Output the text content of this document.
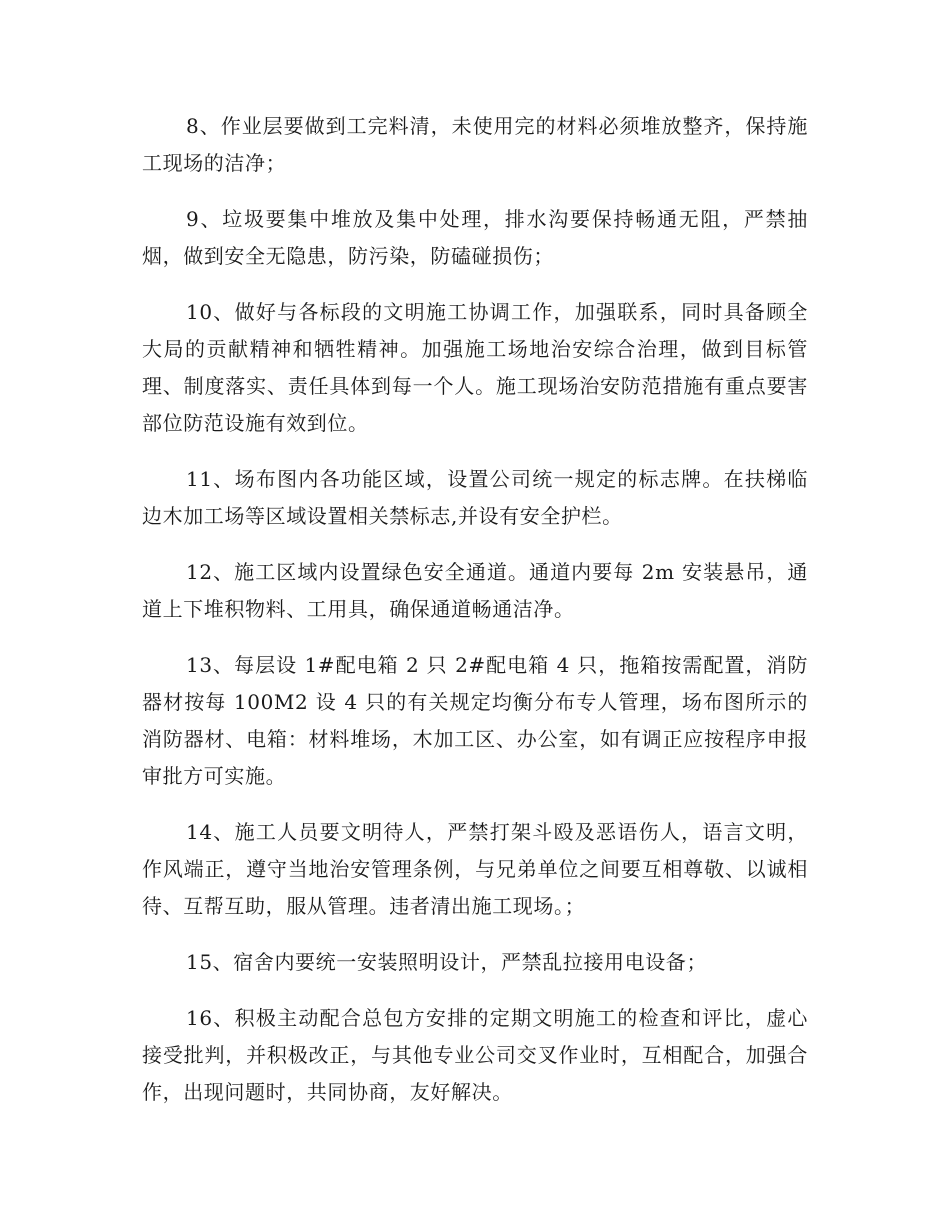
8、作业层要做到工完料清，未使用完的材料必须堆放整齐，保持施工现场的洁净；

9、垃圾要集中堆放及集中处理，排水沟要保持畅通无阻，严禁抽烟，做到安全无隐患，防污染，防磕碰损伤；

10、做好与各标段的文明施工协调工作，加强联系，同时具备顾全大局的贡献精神和牺牲精神。加强施工场地治安综合治理，做到目标管理、制度落实、责任具体到每一个人。施工现场治安防范措施有重点要害部位防范设施有效到位。

11、场布图内各功能区域，设置公司统一规定的标志牌。在扶梯临边木加工场等区域设置相关禁标志,并设有安全护栏。

12、施工区域内设置绿色安全通道。通道内要每 2m 安装悬吊，通道上下堆积物料、工用具，确保通道畅通洁净。

13、每层设 1#配电箱 2 只 2#配电箱 4 只，拖箱按需配置，消防器材按每 100M2 设 4 只的有关规定均衡分布专人管理，场布图所示的消防器材、电箱：材料堆场，木加工区、办公室，如有调正应按程序申报审批方可实施。

14、施工人员要文明待人，严禁打架斗殴及恶语伤人，语言文明，作风端正，遵守当地治安管理条例，与兄弟单位之间要互相尊敬、以诚相待、互帮互助，服从管理。违者清出施工现场。；

15、宿舍内要统一安装照明设计，严禁乱拉接用电设备；

16、积极主动配合总包方安排的定期文明施工的检查和评比，虚心接受批判，并积极改正，与其他专业公司交叉作业时，互相配合，加强合作，出现问题时，共同协商，友好解决。
